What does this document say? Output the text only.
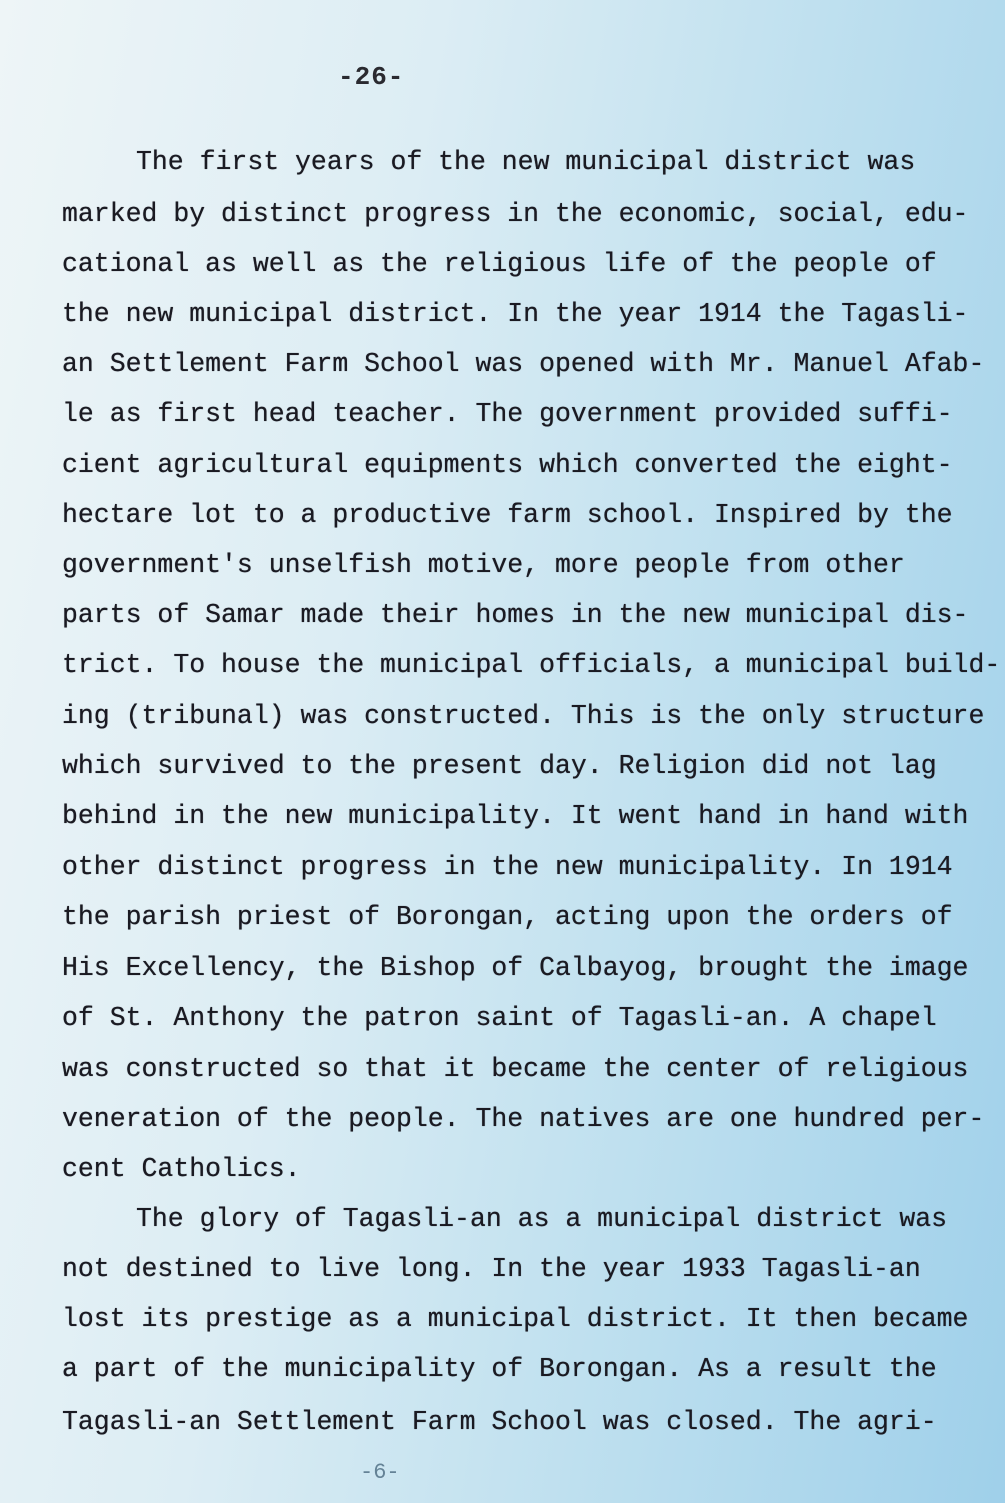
-26-
The first years of the new municipal district was
marked by distinct progress in the economic, social, edu-
cational as well as the religious life of the people of
the new municipal district. In the year 1914 the Tagasli-
an Settlement Farm School was opened with Mr. Manuel Afab-
le as first head teacher. The government provided suffi-
cient agricultural equipments which converted the eight-
hectare lot to a productive farm school. Inspired by the
government's unselfish motive, more people from other
parts of Samar made their homes in the new municipal dis-
trict. To house the municipal officials, a municipal build-
ing (tribunal) was constructed. This is the only structure
which survived to the present day. Religion did not lag
behind in the new municipality. It went hand in hand with
other distinct progress in the new municipality. In 1914
the parish priest of Borongan, acting upon the orders of
His Excellency, the Bishop of Calbayog, brought the image
of St. Anthony the patron saint of Tagasli-an. A chapel
was constructed so that it became the center of religious
veneration of the people. The natives are one hundred per-
cent Catholics.
The glory of Tagasli-an as a municipal district was
not destined to live long. In the year 1933 Tagasli-an
lost its prestige as a municipal district. It then became
a part of the municipality of Borongan. As a result the
Tagasli-an Settlement Farm School was closed. The agri-
-6-
